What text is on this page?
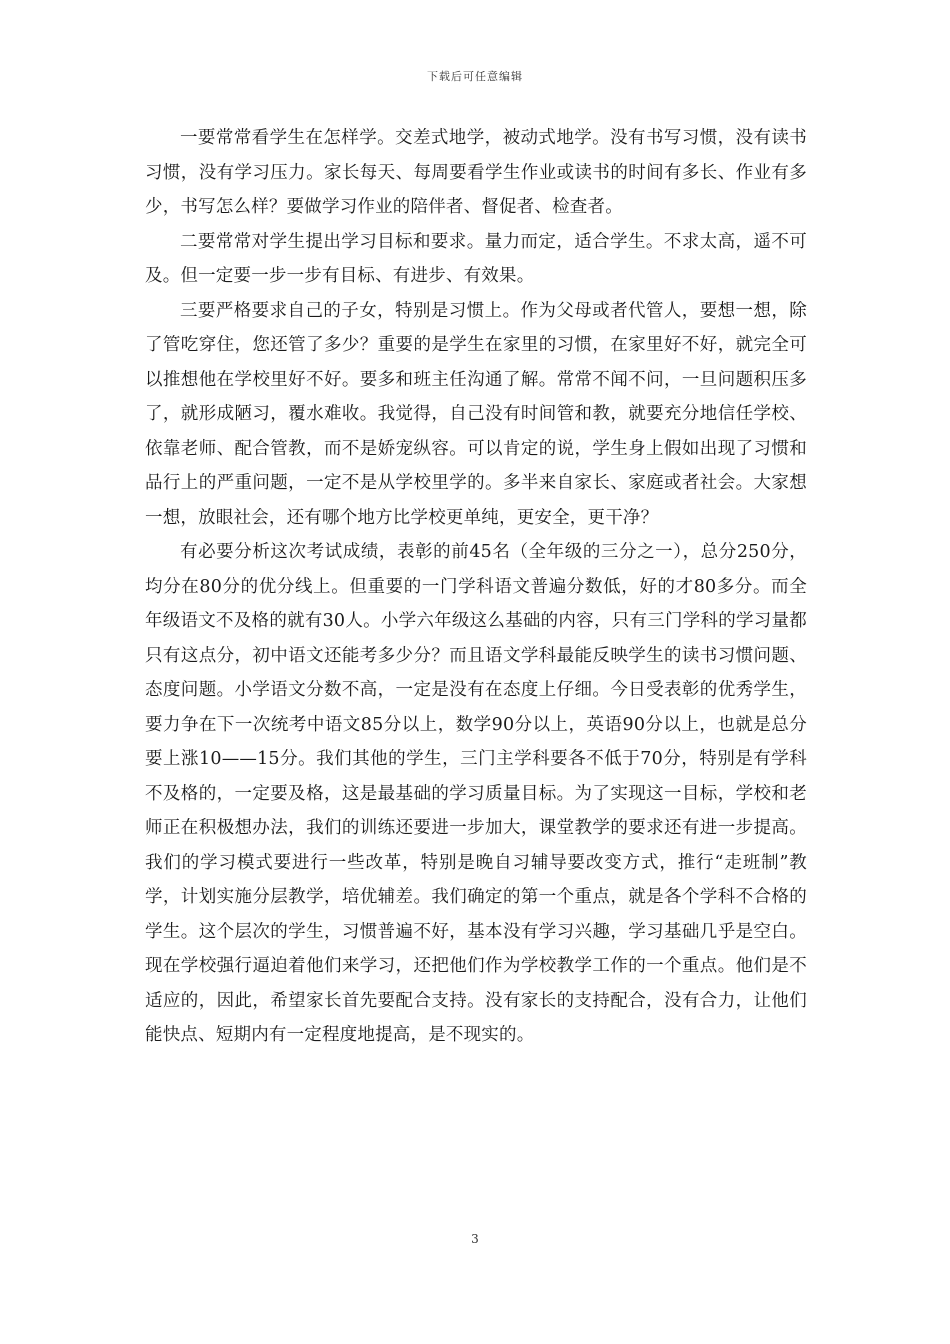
下载后可任意编辑

一要常常看学生在怎样学。交差式地学，被动式地学。没有书写习惯，没有读书习惯，没有学习压力。家长每天、每周要看学生作业或读书的时间有多长、作业有多少，书写怎么样？要做学习作业的陪伴者、督促者、检查者。

二要常常对学生提出学习目标和要求。量力而定，适合学生。不求太高，遥不可及。但一定要一步一步有目标、有进步、有效果。

三要严格要求自己的子女，特别是习惯上。作为父母或者代管人，要想一想，除了管吃穿住，您还管了多少？重要的是学生在家里的习惯，在家里好不好，就完全可以推想他在学校里好不好。要多和班主任沟通了解。常常不闻不问，一旦问题积压多了，就形成陋习，覆水难收。我觉得，自己没有时间管和教，就要充分地信任学校、依靠老师、配合管教，而不是娇宠纵容。可以肯定的说，学生身上假如出现了习惯和品行上的严重问题，一定不是从学校里学的。多半来自家长、家庭或者社会。大家想一想，放眼社会，还有哪个地方比学校更单纯，更安全，更干净？

有必要分析这次考试成绩，表彰的前45名（全年级的三分之一），总分250分，均分在80分的优分线上。但重要的一门学科语文普遍分数低，好的才80多分。而全年级语文不及格的就有30人。小学六年级这么基础的内容，只有三门学科的学习量都只有这点分，初中语文还能考多少分？而且语文学科最能反映学生的读书习惯问题、态度问题。小学语文分数不高，一定是没有在态度上仔细。今日受表彰的优秀学生，要力争在下一次统考中语文85分以上，数学90分以上，英语90分以上，也就是总分要上涨10——15分。我们其他的学生，三门主学科要各不低于70分，特别是有学科不及格的，一定要及格，这是最基础的学习质量目标。为了实现这一目标，学校和老师正在积极想办法，我们的训练还要进一步加大，课堂教学的要求还有进一步提高。我们的学习模式要进行一些改革，特别是晚自习辅导要改变方式，推行“走班制”教学，计划实施分层教学，培优辅差。我们确定的第一个重点，就是各个学科不合格的学生。这个层次的学生，习惯普遍不好，基本没有学习兴趣，学习基础几乎是空白。现在学校强行逼迫着他们来学习，还把他们作为学校教学工作的一个重点。他们是不适应的，因此，希望家长首先要配合支持。没有家长的支持配合，没有合力，让他们能快点、短期内有一定程度地提高，是不现实的。

3
